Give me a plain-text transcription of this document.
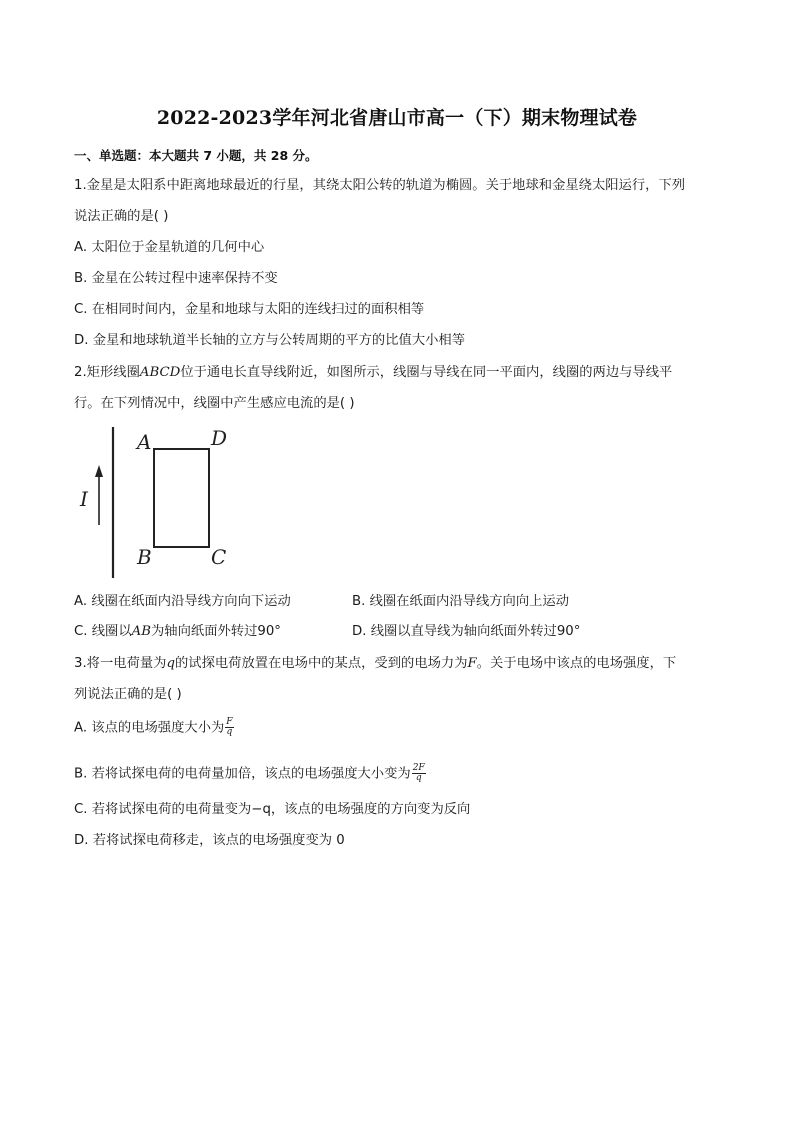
2022-2023学年河北省唐山市高一（下）期末物理试卷
一、单选题：本大题共 7 小题，共 28 分。
1.金星是太阳系中距离地球最近的行星，其绕太阳公转的轨道为椭圆。关于地球和金星绕太阳运行，下列
说法正确的是( )
A. 太阳位于金星轨道的几何中心
B. 金星在公转过程中速率保持不变
C. 在相同时间内，金星和地球与太阳的连线扫过的面积相等
D. 金星和地球轨道半长轴的立方与公转周期的平方的比值大小相等
2.矩形线圈ABCD位于通电长直导线附近，如图所示，线圈与导线在同一平面内，线圈的两边与导线平
行。在下列情况中，线圈中产生感应电流的是( )
I
A	D
B	C
A. 线圈在纸面内沿导线方向向下运动	B. 线圈在纸面内沿导线方向向上运动
C. 线圈以AB为轴向纸面外转过90°	D. 线圈以直导线为轴向纸面外转过90°
3.将一电荷量为q的试探电荷放置在电场中的某点，受到的电场力为F。关于电场中该点的电场强度，下
列说法正确的是( )
A. 该点的电场强度大小为 $\frac{F}{q}$
B. 若将试探电荷的电荷量加倍，该点的电场强度大小变为 $\frac{2F}{q}$
C. 若将试探电荷的电荷量变为−q，该点的电场强度的方向变为反向
D. 若将试探电荷移走，该点的电场强度变为 0
